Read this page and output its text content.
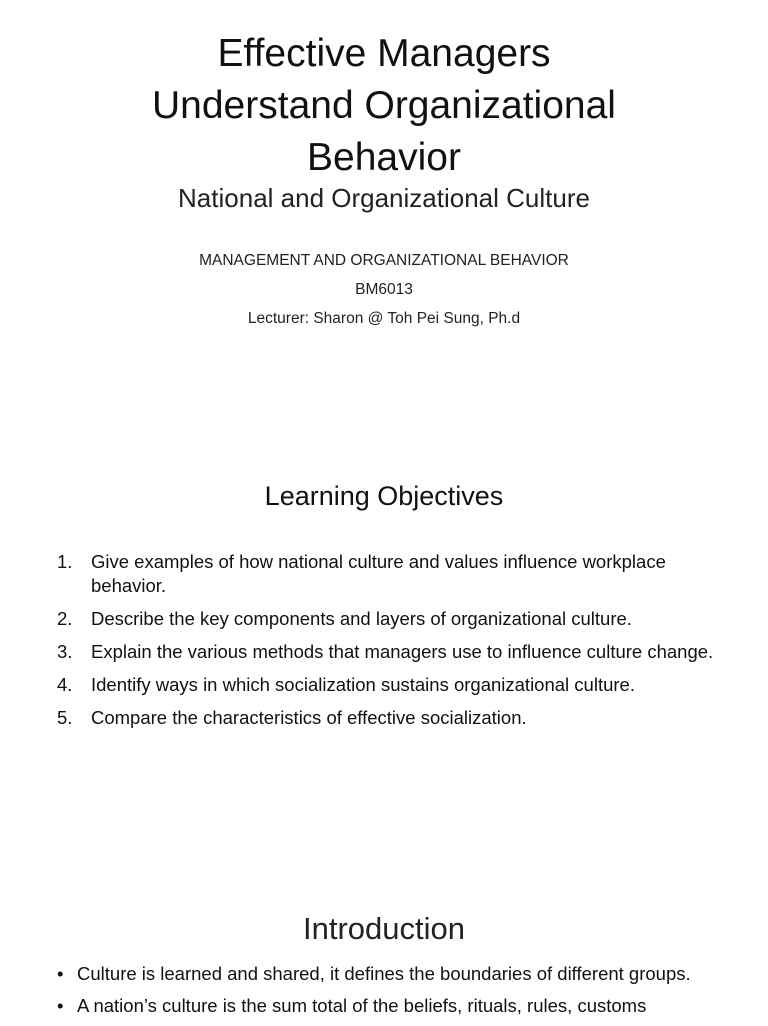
Effective Managers
Understand Organizational
Behavior
National and Organizational Culture
MANAGEMENT AND ORGANIZATIONAL BEHAVIOR
BM6013
Lecturer: Sharon @ Toh Pei Sung, Ph.d
Learning Objectives
1. Give examples of how national culture and values influence workplace behavior.
2. Describe the key components and layers of organizational culture.
3. Explain the various methods that managers use to influence culture change.
4. Identify ways in which socialization sustains organizational culture.
5. Compare the characteristics of effective socialization.
Introduction
• Culture is learned and shared, it defines the boundaries of different groups.
• A nation’s culture is the sum total of the beliefs, rituals, rules, customs
